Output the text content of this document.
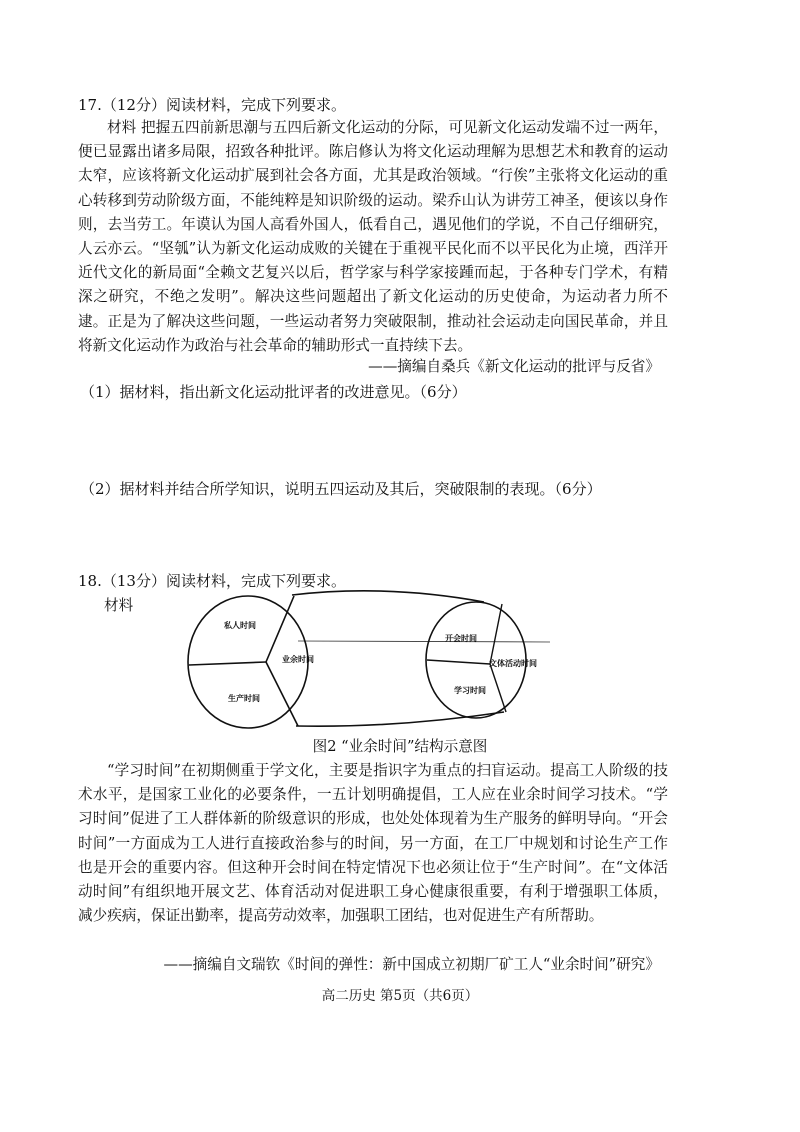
17.（12分）阅读材料，完成下列要求。

材料 把握五四前新思潮与五四后新文化运动的分际，可见新文化运动发端不过一两年，便已显露出诸多局限，招致各种批评。陈启修认为将文化运动理解为思想艺术和教育的运动太窄，应该将新文化运动扩展到社会各方面，尤其是政治领域。“行俟”主张将文化运动的重心转移到劳动阶级方面，不能纯粹是知识阶级的运动。梁乔山认为讲劳工神圣，便该以身作则，去当劳工。年谟认为国人高看外国人，低看自己，遇见他们的学说，不自己仔细研究，人云亦云。“坚瓠”认为新文化运动成败的关键在于重视平民化而不以平民化为止境，西洋开近代文化的新局面“全赖文艺复兴以后，哲学家与科学家接踵而起，于各种专门学术，有精深之研究，不绝之发明”。解决这些问题超出了新文化运动的历史使命，为运动者力所不逮。正是为了解决这些问题，一些运动者努力突破限制，推动社会运动走向国民革命，并且将新文化运动作为政治与社会革命的辅助形式一直持续下去。

——摘编自桑兵《新文化运动的批评与反省》
（1）据材料，指出新文化运动批评者的改进意见。（6分）
（2）据材料并结合所学知识，说明五四运动及其后，突破限制的表现。（6分）
18.（13分）阅读材料，完成下列要求。
材料
私人时间
业余时间
生产时间
开会时间
文体活动时间
学习时间
图2 “业余时间”结构示意图

“学习时间”在初期侧重于学文化，主要是指识字为重点的扫盲运动。提高工人阶级的技术水平，是国家工业化的必要条件，一五计划明确提倡，工人应在业余时间学习技术。“学习时间”促进了工人群体新的阶级意识的形成，也处处体现着为生产服务的鲜明导向。“开会时间”一方面成为工人进行直接政治参与的时间，另一方面，在工厂中规划和讨论生产工作也是开会的重要内容。但这种开会时间在特定情况下也必须让位于“生产时间”。在“文体活动时间”有组织地开展文艺、体育活动对促进职工身心健康很重要，有利于增强职工体质，减少疾病，保证出勤率，提高劳动效率，加强职工团结，也对促进生产有所帮助。

——摘编自文瑞钦《时间的弹性：新中国成立初期厂矿工人“业余时间”研究》
高二历史 第5页（共6页）
